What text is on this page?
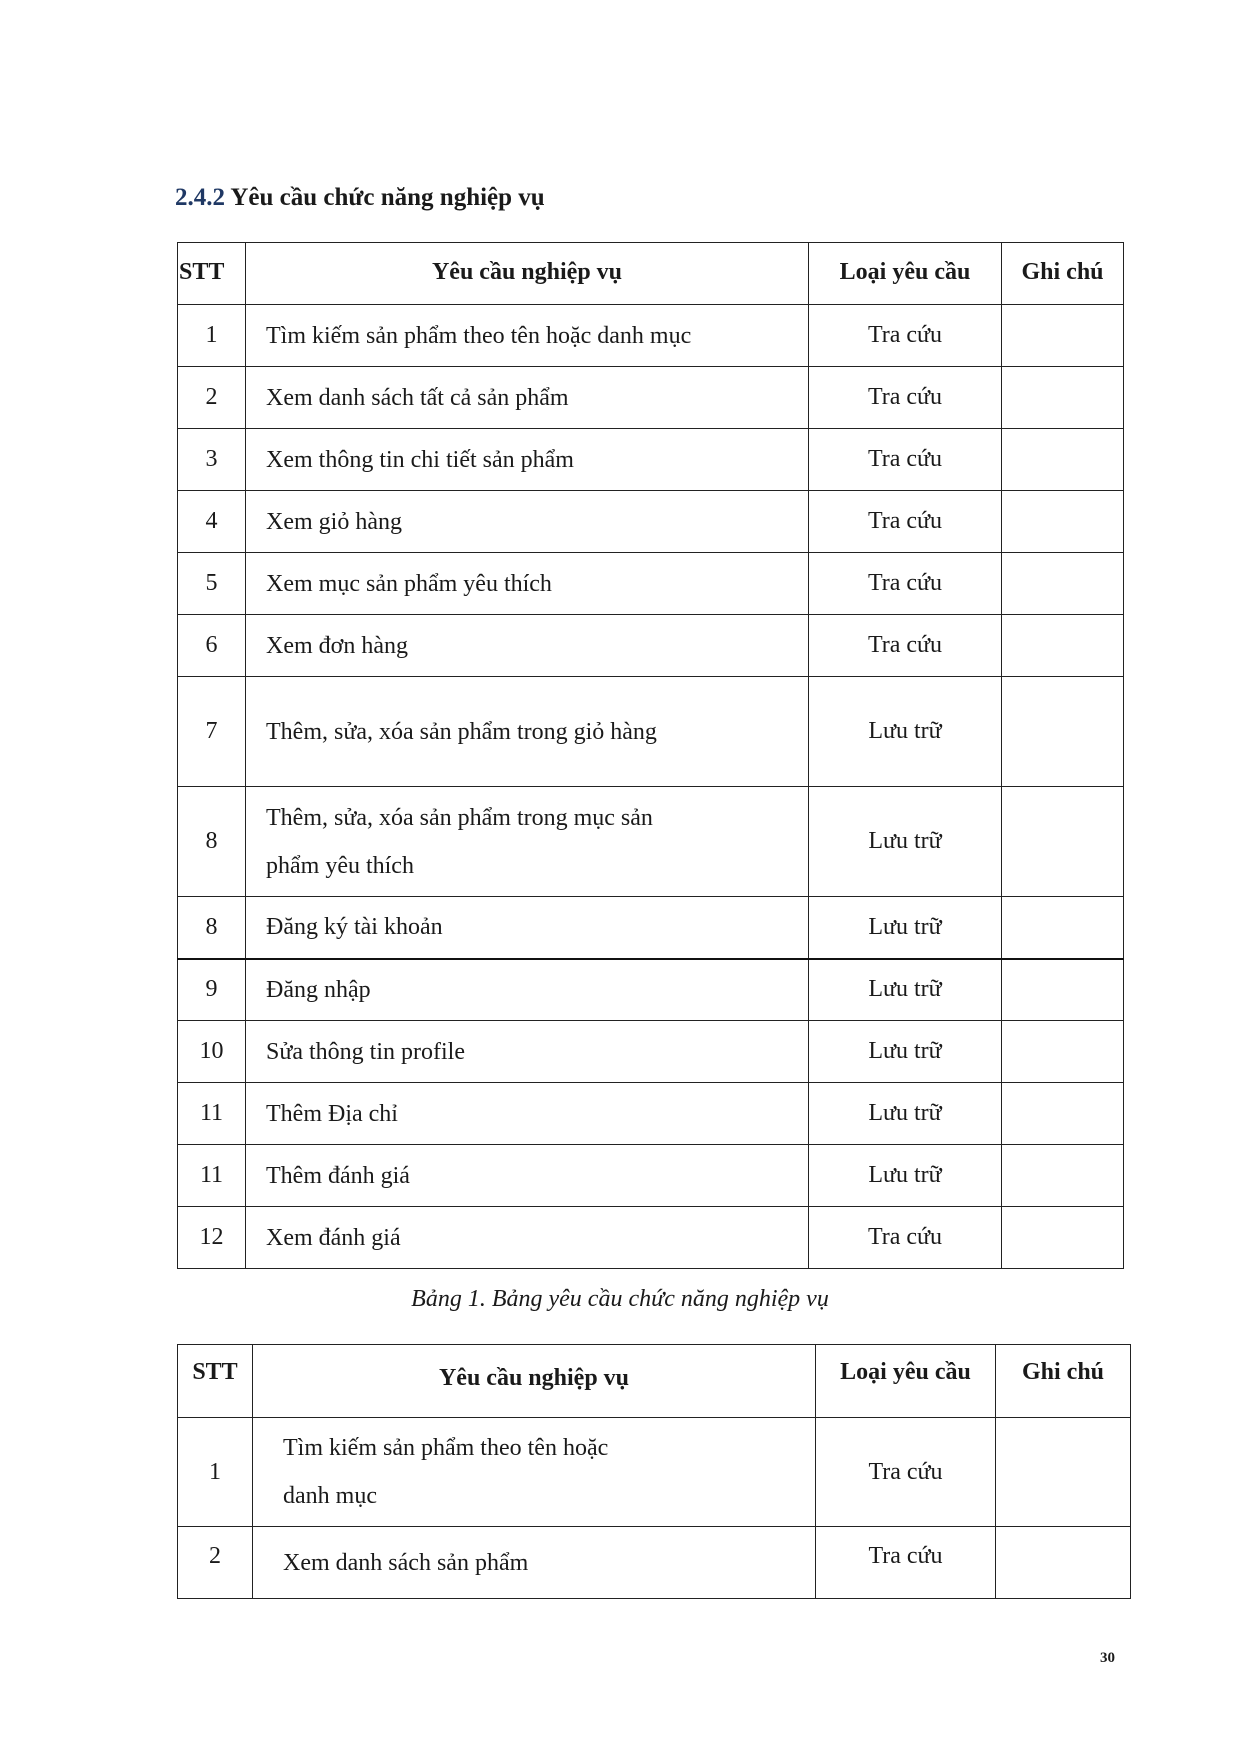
2.4.2 Yêu cầu chức năng nghiệp vụ
STT	Yêu cầu nghiệp vụ	Loại yêu cầu	Ghi chú
1	Tìm kiếm sản phẩm theo tên hoặc danh mục	Tra cứu	
2	Xem danh sách tất cả sản phẩm	Tra cứu	
3	Xem thông tin chi tiết sản phẩm	Tra cứu	
4	Xem giỏ hàng	Tra cứu	
5	Xem mục sản phẩm yêu thích	Tra cứu	
6	Xem đơn hàng	Tra cứu	
7	Thêm, sửa, xóa sản phẩm trong giỏ hàng	Lưu trữ	
8	Thêm, sửa, xóa sản phẩm trong mục sản phẩm yêu thích	Lưu trữ	
8	Đăng ký tài khoản	Lưu trữ	
9	Đăng nhập	Lưu trữ	
10	Sửa thông tin profile	Lưu trữ	
11	Thêm Địa chỉ	Lưu trữ	
11	Thêm đánh giá	Lưu trữ	
12	Xem đánh giá	Tra cứu	

Bảng 1. Bảng yêu cầu chức năng nghiệp vụ

STT	Yêu cầu nghiệp vụ	Loại yêu cầu	Ghi chú
1	Tìm kiếm sản phẩm theo tên hoặc danh mục	Tra cứu	
2	Xem danh sách sản phẩm	Tra cứu	
30
